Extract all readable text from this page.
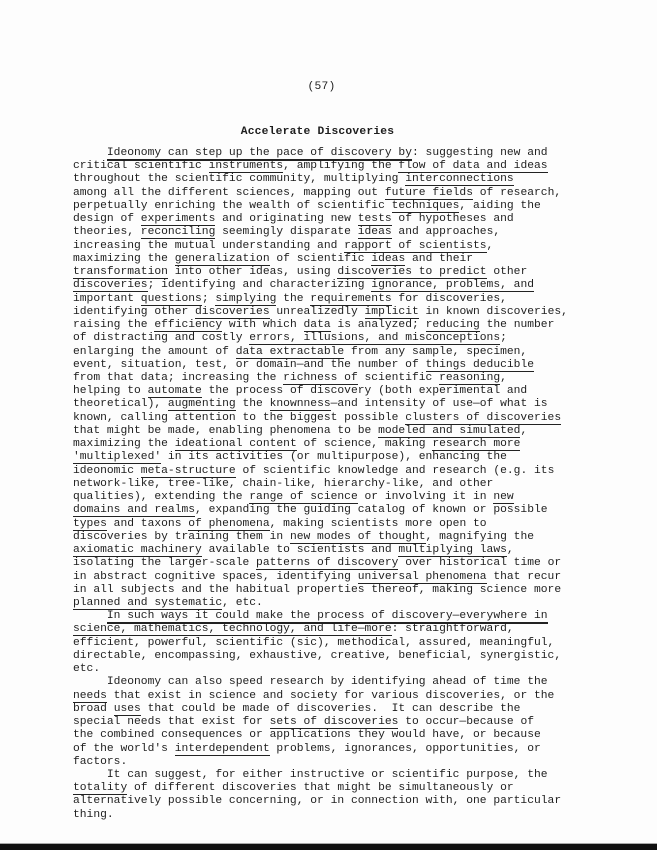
(57)
Accelerate Discoveries
Ideonomy can step up the pace of discovery by: suggesting new and
critical scientific instruments, amplifying the flow of data and ideas
throughout the scientific community, multiplying interconnections
among all the different sciences, mapping out future fields of research,
perpetually enriching the wealth of scientific techniques, aiding the
design of experiments and originating new tests of hypotheses and
theories, reconciling seemingly disparate ideas and approaches,
increasing the mutual understanding and rapport of scientists,
maximizing the generalization of scientific ideas and their
transformation into other ideas, using discoveries to predict other
discoveries; identifying and characterizing ignorance, problems, and
important questions; simplying the requirements for discoveries,
identifying other discoveries unrealizedly implicit in known discoveries,
raising the efficiency with which data is analyzed; reducing the number
of distracting and costly errors, illusions, and misconceptions;
enlarging the amount of data extractable from any sample, specimen,
event, situation, test, or domain—and the number of things deducible
from that data; increasing the richness of scientific reasoning,
helping to automate the process of discovery (both experimental and
theoretical), augmenting the knownness—and intensity of use—of what is
known, calling attention to the biggest possible clusters of discoveries
that might be made, enabling phenomena to be modeled and simulated,
maximizing the ideational content of science, making research more
'multiplexed' in its activities (or multipurpose), enhancing the
ideonomic meta-structure of scientific knowledge and research (e.g. its
network-like, tree-like, chain-like, hierarchy-like, and other
qualities), extending the range of science or involving it in new
domains and realms, expanding the guiding catalog of known or possible
types and taxons of phenomena, making scientists more open to
discoveries by training them in new modes of thought, magnifying the
axiomatic machinery available to scientists and multiplying laws,
isolating the larger-scale patterns of discovery over historical time or
in abstract cognitive spaces, identifying universal phenomena that recur
in all subjects and the habitual properties thereof, making science more
planned and systematic, etc.
In such ways it could make the process of discovery—everywhere in
science, mathematics, technology, and life—more: straightforward,
efficient, powerful, scientific (sic), methodical, assured, meaningful,
directable, encompassing, exhaustive, creative, beneficial, synergistic,
etc.
Ideonomy can also speed research by identifying ahead of time the
needs that exist in science and society for various discoveries, or the
broad uses that could be made of discoveries.  It can describe the
special needs that exist for sets of discoveries to occur—because of
the combined consequences or applications they would have, or because
of the world's interdependent problems, ignorances, opportunities, or
factors.
It can suggest, for either instructive or scientific purpose, the
totality of different discoveries that might be simultaneously or
alternatively possible concerning, or in connection with, one particular
thing.
